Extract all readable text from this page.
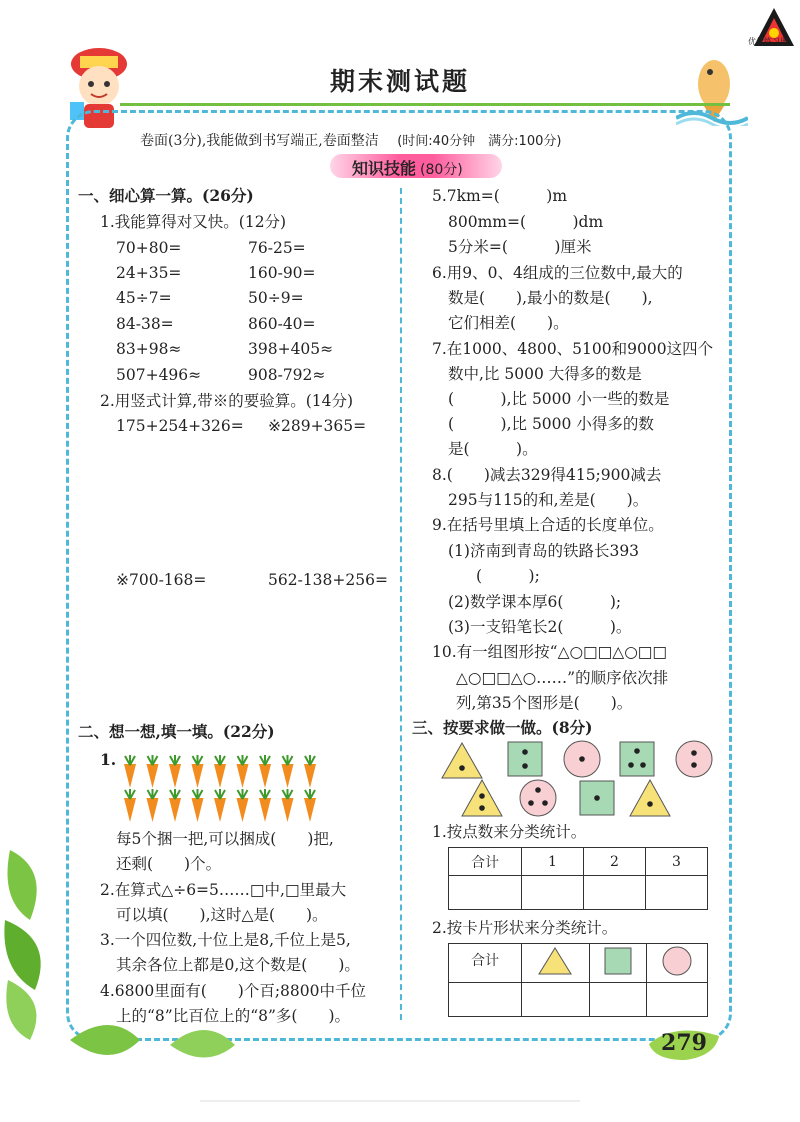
优佳练习册
期末测试题
卷面(3分),我能做到书写端正,卷面整洁 (时间:40分钟　满分:100分)
知识技能 (80分)
一、细心算一算。(26分)
1.我能算得对又快。(12分)
70+80=	76-25=
24+35=	160-90=
45÷7=	50÷9=
84-38=	860-40=
83+98≈	398+405≈
507+496≈	908-792≈
2.用竖式计算,带※的要验算。(14分)
175+254+326= ※289+365=
※700-168=	562-138+256=
二、想一想,填一填。(22分)
1.
每5个捆一把,可以捆成(　　)把,
还剩(　　)个。
2.在算式△÷6=5……□中,□里最大
可以填(　　),这时△是(　　)。
3.一个四位数,十位上是8,千位上是5,
其余各位上都是0,这个数是(　　)。
4.6800里面有(　　)个百;8800中千位
上的“8”比百位上的“8”多(　　)。
5.7km=(　　　)m
800mm=(　　　)dm
5分米=(　　　)厘米
6.用9、0、4组成的三位数中,最大的
数是(　　),最小的数是(　　),
它们相差(　　)。
7.在1000、4800、5100和9000这四个
数中,比 5000 大得多的数是
(　　　),比 5000 小一些的数是
(　　　),比 5000 小得多的数
是(　　　)。
8.(　　)减去329得415;900减去
295与115的和,差是(　　)。
9.在括号里填上合适的长度单位。
(1)济南到青岛的铁路长393
(　　　);
(2)数学课本厚6(　　　);
(3)一支铅笔长2(　　　)。
10.有一组图形按“△○□□△○□□
△○□□△○……”的顺序依次排
列,第35个图形是(　　)。
三、按要求做一做。(8分)
1.按点数来分类统计。
合计	1	2	3

2.按卡片形状来分类统计。
合计			

279
